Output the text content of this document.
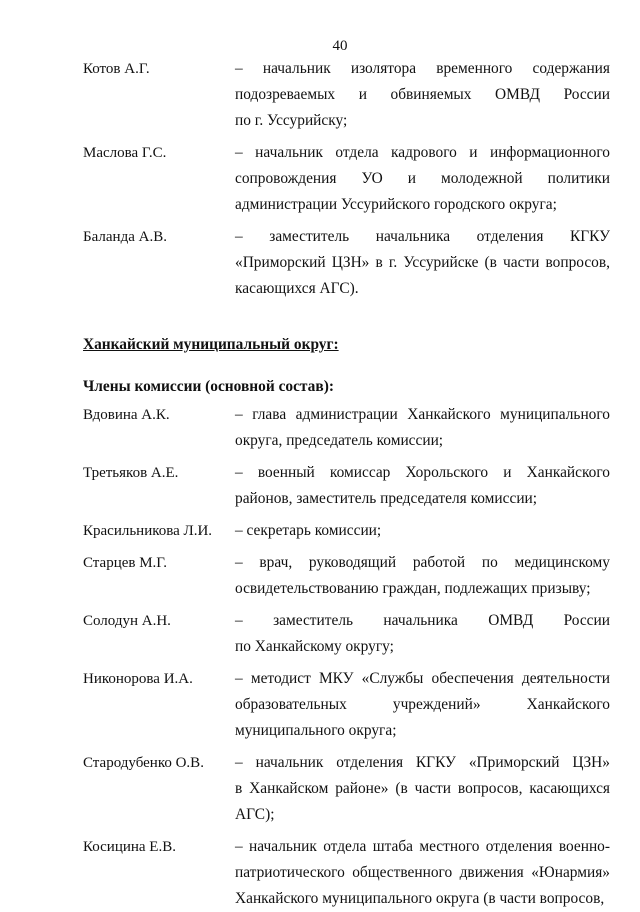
40
Котов А.Г.	– начальник изолятора временного содержания
подозреваемых и обвиняемых ОМВД России
по г. Уссурийску;
Маслова Г.С.	– начальник отдела кадрового и информационного
сопровождения УО и молодежной политики
администрации Уссурийского городского округа;
Баланда А.В.	– заместитель начальника отделения КГКУ
«Приморский ЦЗН» в г. Уссурийске (в части вопросов,
касающихся АГС).
Ханкайский муниципальный округ:
Члены комиссии (основной состав):
Вдовина А.К.	– глава администрации Ханкайского муниципального
округа, председатель комиссии;
Третьяков А.Е.	– военный комиссар Хорольского и Ханкайского
районов, заместитель председателя комиссии;
Красильникова Л.И.	– секретарь комиссии;
Старцев М.Г.	– врач, руководящий работой по медицинскому
освидетельствованию граждан, подлежащих призыву;
Солодун А.Н.	– заместитель начальника ОМВД России
по Ханкайскому округу;
Никонорова И.А.	– методист МКУ «Службы обеспечения деятельности
образовательных учреждений» Ханкайского
муниципального округа;
Стародубенко О.В.	– начальник отделения КГКУ «Приморский ЦЗН»
в Ханкайском районе» (в части вопросов, касающихся
АГС);
Косицина Е.В.	– начальник отдела штаба местного отделения военно-
патриотического общественного движения «Юнармия»
Ханкайского муниципального округа (в части вопросов,
